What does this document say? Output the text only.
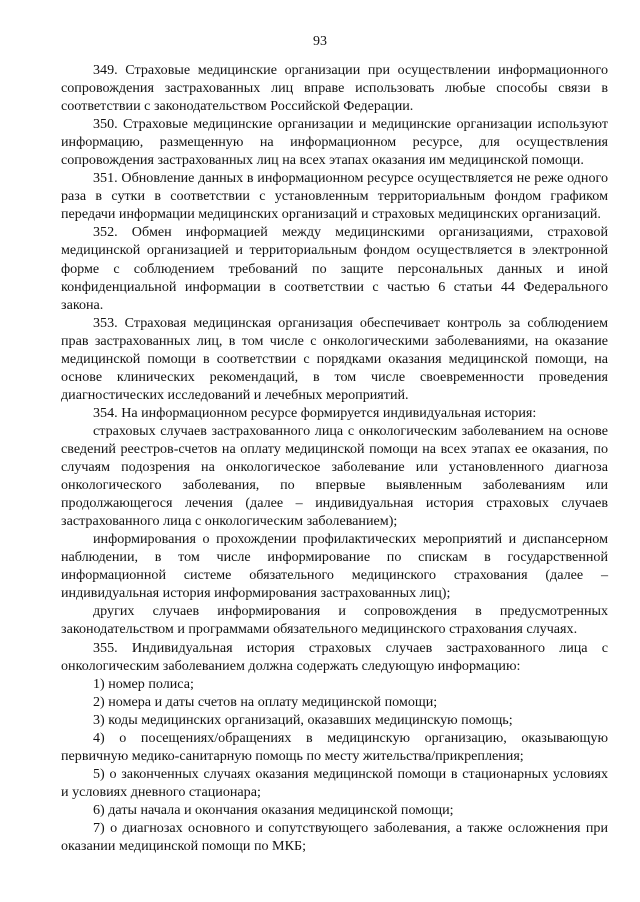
93

349. Страховые медицинские организации при осуществлении информационного сопровождения застрахованных лиц вправе использовать любые способы связи в соответствии с законодательством Российской Федерации.

350. Страховые медицинские организации и медицинские организации используют информацию, размещенную на информационном ресурсе, для осуществления сопровождения застрахованных лиц на всех этапах оказания им медицинской помощи.

351. Обновление данных в информационном ресурсе осуществляется не реже одного раза в сутки в соответствии с установленным территориальным фондом графиком передачи информации медицинских организаций и страховых медицинских организаций.

352. Обмен информацией между медицинскими организациями, страховой медицинской организацией и территориальным фондом осуществляется в электронной форме с соблюдением требований по защите персональных данных и иной конфиденциальной информации в соответствии с частью 6 статьи 44 Федерального закона.

353. Страховая медицинская организация обеспечивает контроль за соблюдением прав застрахованных лиц, в том числе с онкологическими заболеваниями, на оказание медицинской помощи в соответствии с порядками оказания медицинской помощи, на основе клинических рекомендаций, в том числе своевременности проведения диагностических исследований и лечебных мероприятий.

354. На информационном ресурсе формируется индивидуальная история:

страховых случаев застрахованного лица с онкологическим заболеванием на основе сведений реестров-счетов на оплату медицинской помощи на всех этапах ее оказания, по случаям подозрения на онкологическое заболевание или установленного диагноза онкологического заболевания, по впервые выявленным заболеваниям или продолжающегося лечения (далее – индивидуальная история страховых случаев застрахованного лица с онкологическим заболеванием);

информирования о прохождении профилактических мероприятий и диспансерном наблюдении, в том числе информирование по спискам в государственной информационной системе обязательного медицинского страхования (далее – индивидуальная история информирования застрахованных лиц);

других случаев информирования и сопровождения в предусмотренных законодательством и программами обязательного медицинского страхования случаях.

355. Индивидуальная история страховых случаев застрахованного лица с онкологическим заболеванием должна содержать следующую информацию:

1) номер полиса;

2) номера и даты счетов на оплату медицинской помощи;

3) коды медицинских организаций, оказавших медицинскую помощь;

4) о посещениях/обращениях в медицинскую организацию, оказывающую первичную медико-санитарную помощь по месту жительства/прикрепления;

5) о законченных случаях оказания медицинской помощи в стационарных условиях и условиях дневного стационара;

6) даты начала и окончания оказания медицинской помощи;

7) о диагнозах основного и сопутствующего заболевания, а также осложнения при оказании медицинской помощи по МКБ;
